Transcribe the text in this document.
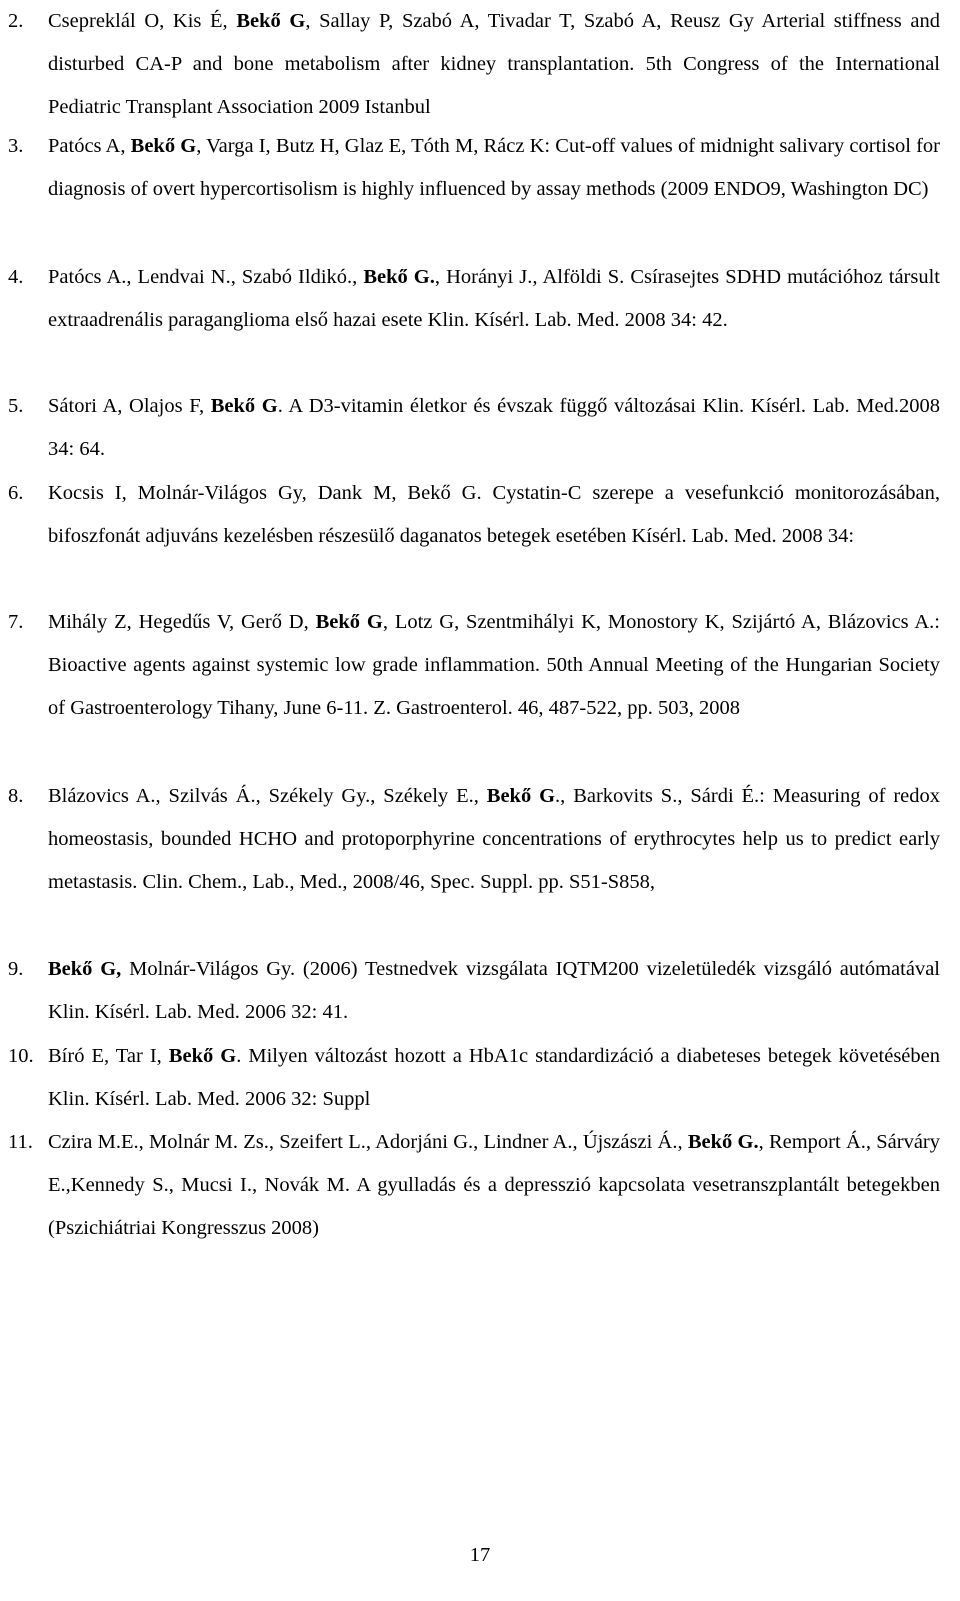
2. Csepreklál O, Kis É, Bekő G, Sallay P, Szabó A, Tivadar T, Szabó A, Reusz Gy Arterial stiffness and disturbed CA-P and bone metabolism after kidney transplantation. 5th Congress of the International Pediatric Transplant Association 2009 Istanbul
3. Patócs A, Bekő G, Varga I, Butz H, Glaz E, Tóth M, Rácz K: Cut-off values of midnight salivary cortisol for diagnosis of overt hypercortisolism is highly influenced by assay methods (2009 ENDO9, Washington DC)
4. Patócs A., Lendvai N., Szabó Ildikó., Bekő G., Horányi J., Alföldi S. Csírasejtes SDHD mutációhoz társult extraadrenális paraganglioma első hazai esete Klin. Kísérl. Lab. Med. 2008 34: 42.
5. Sátori A, Olajos F, Bekő G. A D3-vitamin életkor és évszak függő változásai Klin. Kísérl. Lab. Med.2008 34: 64.
6. Kocsis I, Molnár-Világos Gy, Dank M, Bekő G. Cystatin-C szerepe a vesefunkció monitorozásában, bifoszfonát adjuváns kezelésben részesülő daganatos betegek esetében Kísérl. Lab. Med. 2008 34:
7. Mihály Z, Hegedűs V, Gerő D, Bekő G, Lotz G, Szentmihályi K, Monostory K, Szijártó A, Blázovics A.: Bioactive agents against systemic low grade inflammation. 50th Annual Meeting of the Hungarian Society of Gastroenterology Tihany, June 6-11. Z. Gastroenterol. 46, 487-522, pp. 503, 2008
8. Blázovics A., Szilvás Á., Székely Gy., Székely E., Bekő G., Barkovits S., Sárdi É.: Measuring of redox homeostasis, bounded HCHO and protoporphyrine concentrations of erythrocytes help us to predict early metastasis. Clin. Chem., Lab., Med., 2008/46, Spec. Suppl. pp. S51-S858,
9. Bekő G, Molnár-Világos Gy. (2006) Testnedvek vizsgálata IQTM200 vizeletüledék vizsgáló autómatával Klin. Kísérl. Lab. Med. 2006 32: 41.
10. Bíró E, Tar I, Bekő G. Milyen változást hozott a HbA1c standardizáció a diabeteses betegek követésében Klin. Kísérl. Lab. Med. 2006 32: Suppl
11. Czira M.E., Molnár M. Zs., Szeifert L., Adorjáni G., Lindner A., Újszászi Á., Bekő G., Remport Á., Sárváry E.,Kennedy S., Mucsi I., Novák M. A gyulladás és a depresszió kapcsolata vesetranszplantált betegekben (Pszichiátriai Kongresszus 2008)
17
